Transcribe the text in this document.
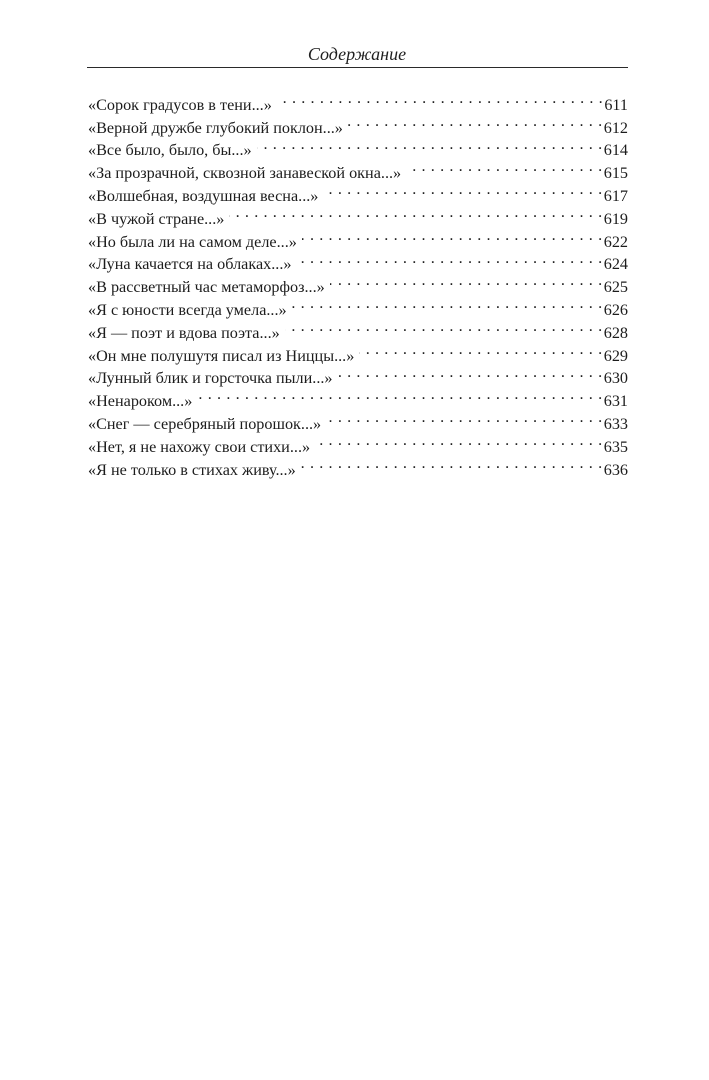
Содержание
«Сорок градусов в тени...» . . .	611
«Верной дружбе глубокий поклон...» . . .	612
«Все было, было, бы...» . . .	614
«За прозрачной, сквозной занавеской окна...» . . .	615
«Волшебная, воздушная весна...» . . .	617
«В чужой стране...» . . .	619
«Но была ли на самом деле...» . . .	622
«Луна качается на облаках...» . . .	624
«В рассветный час метаморфоз...» . . .	625
«Я с юности всегда умела...» . . .	626
«Я — поэт и вдова поэта...» . . .	628
«Он мне полушутя писал из Ниццы...» . . .	629
«Лунный блик и горсточка пыли...» . . .	630
«Ненароком...» . . .	631
«Снег — серебряный порошок...» . . .	633
«Нет, я не нахожу свои стихи...» . . .	635
«Я не только в стихах живу...» . . .	636
